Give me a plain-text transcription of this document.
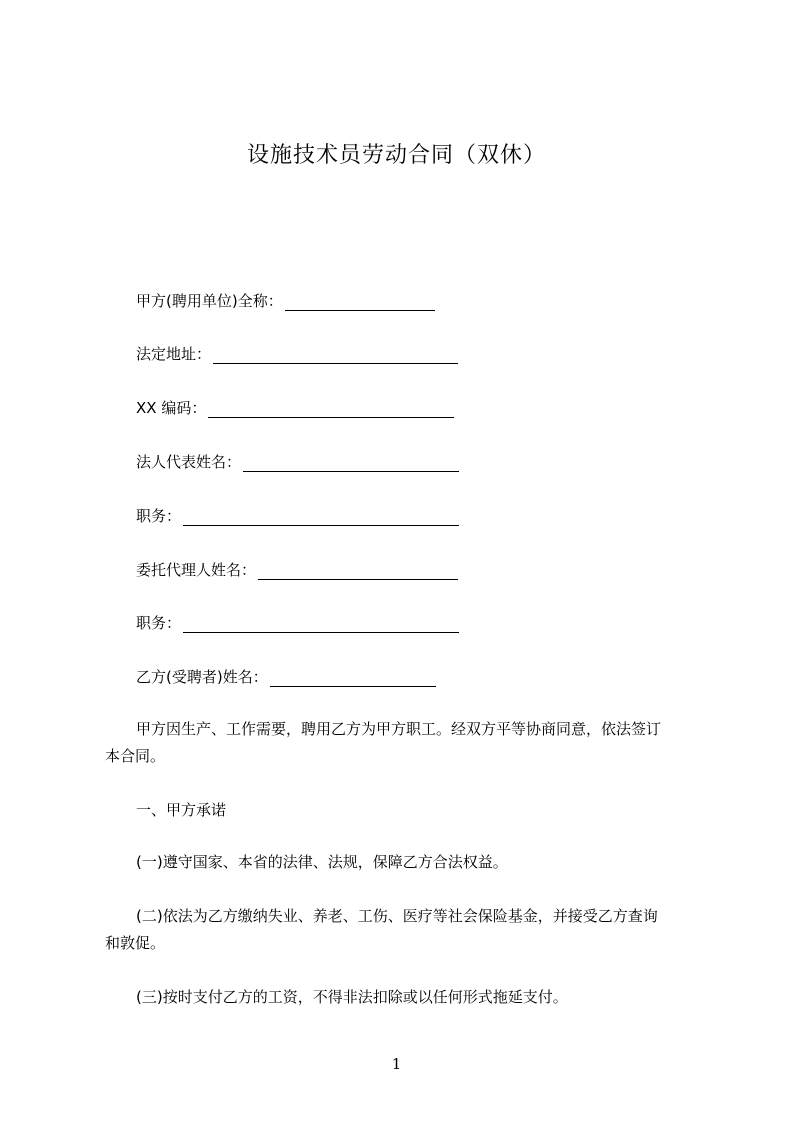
设施技术员劳动合同（双休）
甲方(聘用单位)全称：
法定地址：
XX 编码：
法人代表姓名：
职务：
委托代理人姓名：
职务：
乙方(受聘者)姓名：
甲方因生产、工作需要，聘用乙方为甲方职工。经双方平等协商同意，依法签订
本合同。
一、甲方承诺
(一)遵守国家、本省的法律、法规，保障乙方合法权益。
(二)依法为乙方缴纳失业、养老、工伤、医疗等社会保险基金，并接受乙方查询
和敦促。
(三)按时支付乙方的工资，不得非法扣除或以任何形式拖延支付。
1
